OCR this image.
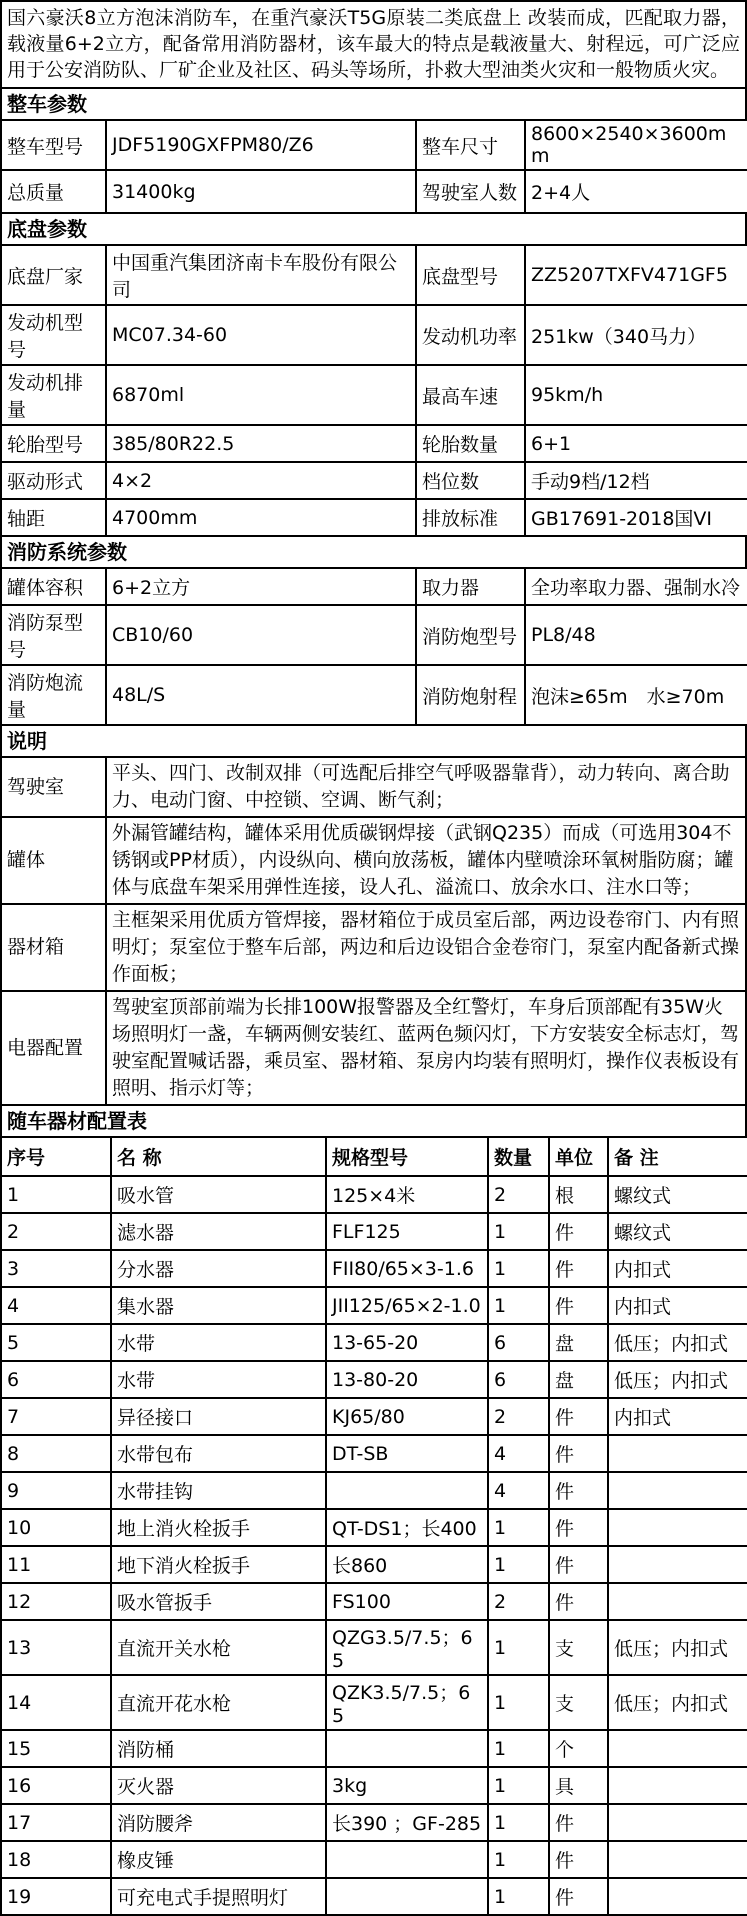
国六豪沃8立方泡沫消防车，在重汽豪沃T5G原装二类底盘上 改装而成，匹配取力器，载液量6+2立方，配备常用消防器材，该车最大的特点是载液量大、射程远，可广泛应用于公安消防队、厂矿企业及社区、码头等场所，扑救大型油类火灾和一般物质火灾。
整车参数
整车型号	JDF5190GXFPM80/Z6	整车尺寸	8600×2540×3600mm
总质量	31400kg	驾驶室人数	2+4人
底盘参数
底盘厂家	中国重汽集团济南卡车股份有限公司	底盘型号	ZZ5207TXFV471GF5
发动机型号	MC07.34-60	发动机功率	251kw（340马力）
发动机排量	6870ml	最高车速	95km/h
轮胎型号	385/80R22.5	轮胎数量	6+1
驱动形式	4×2	档位数	手动9档/12档
轴距	4700mm	排放标准	GB17691-2018国VI
消防系统参数
罐体容积	6+2立方	取力器	全功率取力器、强制水冷
消防泵型号	CB10/60	消防炮型号	PL8/48
消防炮流量	48L/S	消防炮射程	泡沫≥65m　水≥70m
说明
驾驶室	平头、四门、改制双排（可选配后排空气呼吸器靠背），动力转向、离合助力、电动门窗、中控锁、空调、断气刹；
罐体	外漏管罐结构，罐体采用优质碳钢焊接（武钢Q235）而成（可选用304不锈钢或PP材质），内设纵向、横向放荡板，罐体内壁喷涂环氧树脂防腐；罐体与底盘车架采用弹性连接，设人孔、溢流口、放余水口、注水口等；
器材箱	主框架采用优质方管焊接，器材箱位于成员室后部，两边设卷帘门、内有照明灯；泵室位于整车后部，两边和后边设铝合金卷帘门，泵室内配备新式操作面板；
电器配置	驾驶室顶部前端为长排100W报警器及全红警灯，车身后顶部配有35W火场照明灯一盏，车辆两侧安装红、蓝两色频闪灯，下方安装安全标志灯，驾驶室配置喊话器，乘员室、器材箱、泵房内均装有照明灯，操作仪表板设有照明、指示灯等；
随车器材配置表
序号	名 称	规格型号	数量	单位	备 注
1	吸水管	125×4米	2	根	螺纹式
2	滤水器	FLF125	1	件	螺纹式
3	分水器	FII80/65×3-1.6	1	件	内扣式
4	集水器	JII125/65×2-1.0	1	件	内扣式
5	水带	13-65-20	6	盘	低压；内扣式
6	水带	13-80-20	6	盘	低压；内扣式
7	异径接口	KJ65/80	2	件	内扣式
8	水带包布	DT-SB	4	件	
9	水带挂钩		4	件	
10	地上消火栓扳手	QT-DS1；长400	1	件	
11	地下消火栓扳手	长860	1	件	
12	吸水管扳手	FS100	2	件	
13	直流开关水枪	QZG3.5/7.5；65	1	支	低压；内扣式
14	直流开花水枪	QZK3.5/7.5；65	1	支	低压；内扣式
15	消防桶		1	个	
16	灭火器	3kg	1	具	
17	消防腰斧	长390 ；GF-285	1	件	
18	橡皮锤		1	件	
19	可充电式手提照明灯		1	件	
